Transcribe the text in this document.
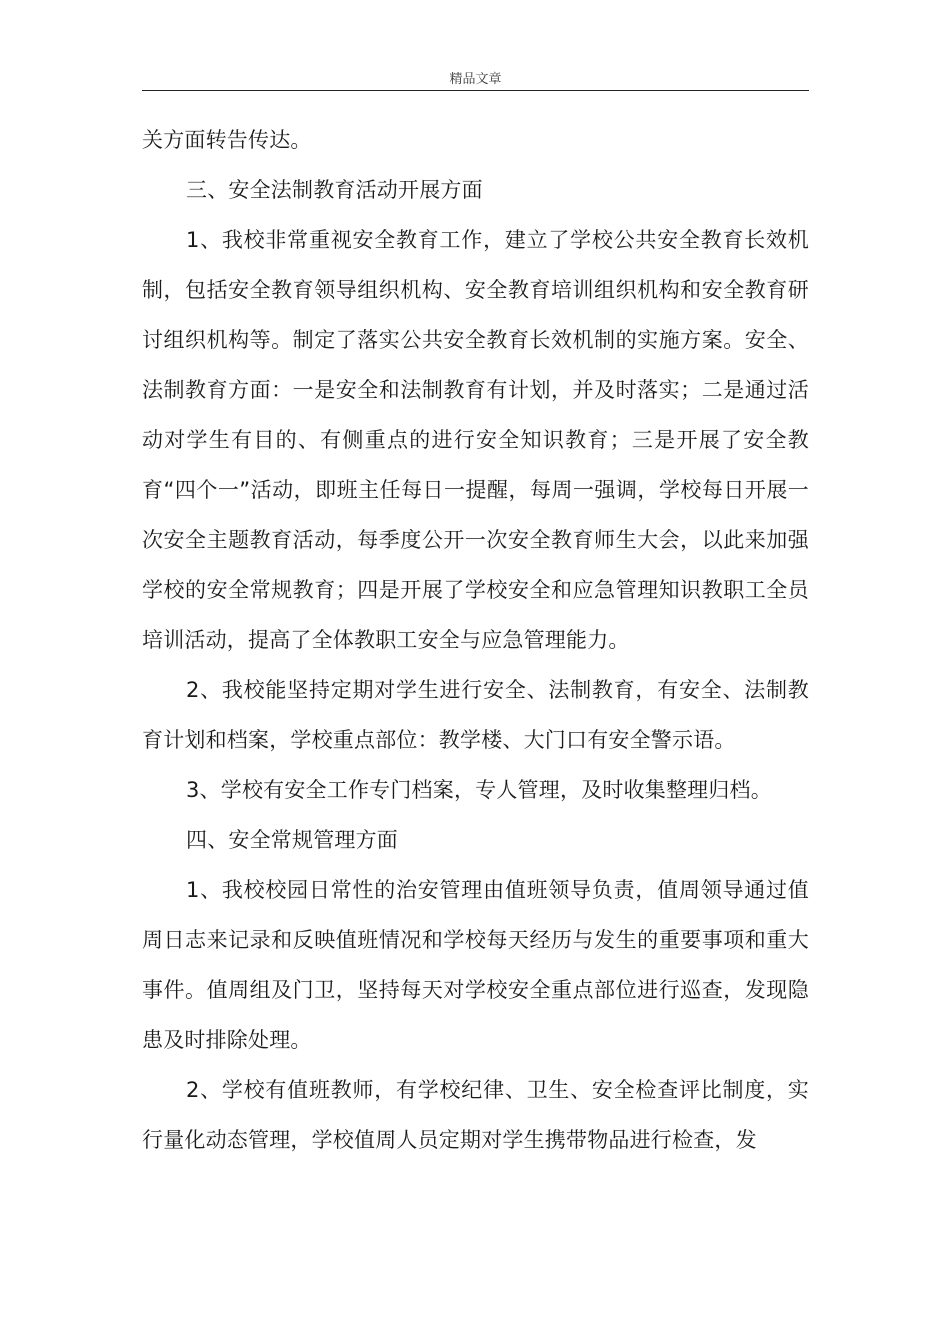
精品文章

关方面转告传达。

三、安全法制教育活动开展方面

1、我校非常重视安全教育工作，建立了学校公共安全教育长效机制，包括安全教育领导组织机构、安全教育培训组织机构和安全教育研讨组织机构等。制定了落实公共安全教育长效机制的实施方案。安全、法制教育方面：一是安全和法制教育有计划，并及时落实；二是通过活动对学生有目的、有侧重点的进行安全知识教育；三是开展了安全教育“四个一”活动，即班主任每日一提醒，每周一强调，学校每日开展一次安全主题教育活动，每季度公开一次安全教育师生大会，以此来加强学校的安全常规教育；四是开展了学校安全和应急管理知识教职工全员培训活动，提高了全体教职工安全与应急管理能力。

2、我校能坚持定期对学生进行安全、法制教育，有安全、法制教育计划和档案，学校重点部位：教学楼、大门口有安全警示语。

3、学校有安全工作专门档案，专人管理，及时收集整理归档。

四、安全常规管理方面

1、我校校园日常性的治安管理由值班领导负责，值周领导通过值周日志来记录和反映值班情况和学校每天经历与发生的重要事项和重大事件。值周组及门卫，坚持每天对学校安全重点部位进行巡查，发现隐患及时排除处理。

2、学校有值班教师，有学校纪律、卫生、安全检查评比制度，实行量化动态管理，学校值周人员定期对学生携带物品进行检查，发
